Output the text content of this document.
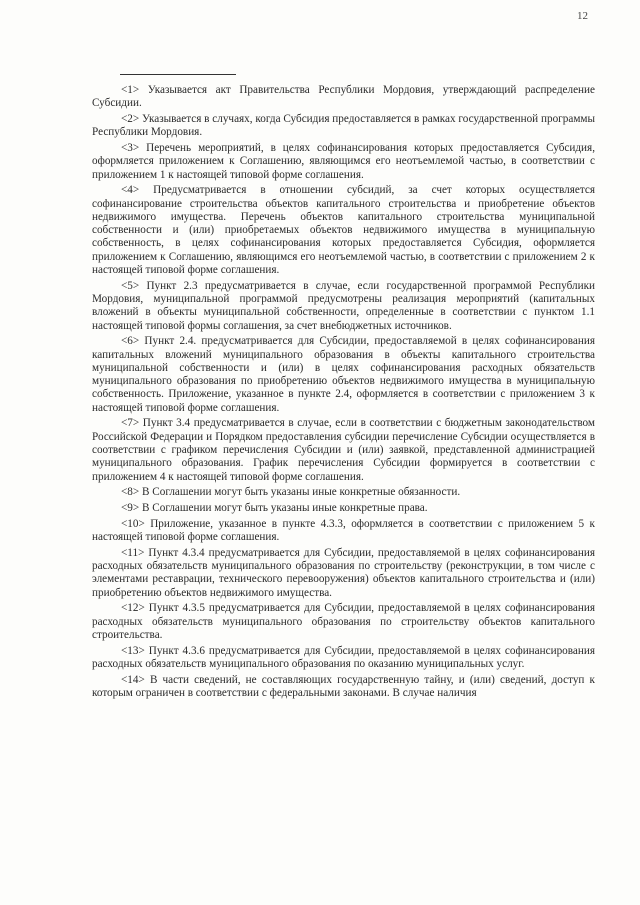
12

<1> Указывается акт Правительства Республики Мордовия, утверждающий распределение Субсидии.

<2> Указывается в случаях, когда Субсидия предоставляется в рамках государственной программы Республики Мордовия.

<3> Перечень мероприятий, в целях софинансирования которых предоставляется Субсидия, оформляется приложением к Соглашению, являющимся его неотъемлемой частью, в соответствии с приложением 1 к настоящей типовой форме соглашения.

<4> Предусматривается в отношении субсидий, за счет которых осуществляется софинансирование строительства объектов капитального строительства и приобретение объектов недвижимого имущества. Перечень объектов капитального строительства муниципальной собственности и (или) приобретаемых объектов недвижимого имущества в муниципальную собственность, в целях софинансирования которых предоставляется Субсидия, оформляется приложением к Соглашению, являющимся его неотъемлемой частью, в соответствии с приложением 2 к настоящей типовой форме соглашения.

<5> Пункт 2.3 предусматривается в случае, если государственной программой Республики Мордовия, муниципальной программой предусмотрены реализация мероприятий (капитальных вложений в объекты муниципальной собственности, определенные в соответствии с пунктом 1.1 настоящей типовой формы соглашения, за счет внебюджетных источников.

<6> Пункт 2.4. предусматривается для Субсидии, предоставляемой в целях софинансирования капитальных вложений муниципального образования в объекты капитального строительства муниципальной собственности и (или) в целях софинансирования расходных обязательств муниципального образования по приобретению объектов недвижимого имущества в муниципальную собственность. Приложение, указанное в пункте 2.4, оформляется в соответствии с приложением 3 к настоящей типовой форме соглашения.

<7> Пункт 3.4 предусматривается в случае, если в соответствии с бюджетным законодательством Российской Федерации и Порядком предоставления субсидии перечисление Субсидии осуществляется в соответствии с графиком перечисления Субсидии и (или) заявкой, представленной администрацией муниципального образования. График перечисления Субсидии формируется в соответствии с приложением 4 к настоящей типовой форме соглашения.

<8> В Соглашении могут быть указаны иные конкретные обязанности.

<9> В Соглашении могут быть указаны иные конкретные права.

<10> Приложение, указанное в пункте 4.3.3, оформляется в соответствии с приложением 5 к настоящей типовой форме соглашения.

<11> Пункт 4.3.4 предусматривается для Субсидии, предоставляемой в целях софинансирования расходных обязательств муниципального образования по строительству (реконструкции, в том числе с элементами реставрации, технического перевооружения) объектов капитального строительства и (или) приобретению объектов недвижимого имущества.

<12> Пункт 4.3.5 предусматривается для Субсидии, предоставляемой в целях софинансирования расходных обязательств муниципального образования по строительству объектов капитального строительства.

<13> Пункт 4.3.6 предусматривается для Субсидии, предоставляемой в целях софинансирования расходных обязательств муниципального образования по оказанию муниципальных услуг.

<14> В части сведений, не составляющих государственную тайну, и (или) сведений, доступ к которым ограничен в соответствии с федеральными законами. В случае наличия
